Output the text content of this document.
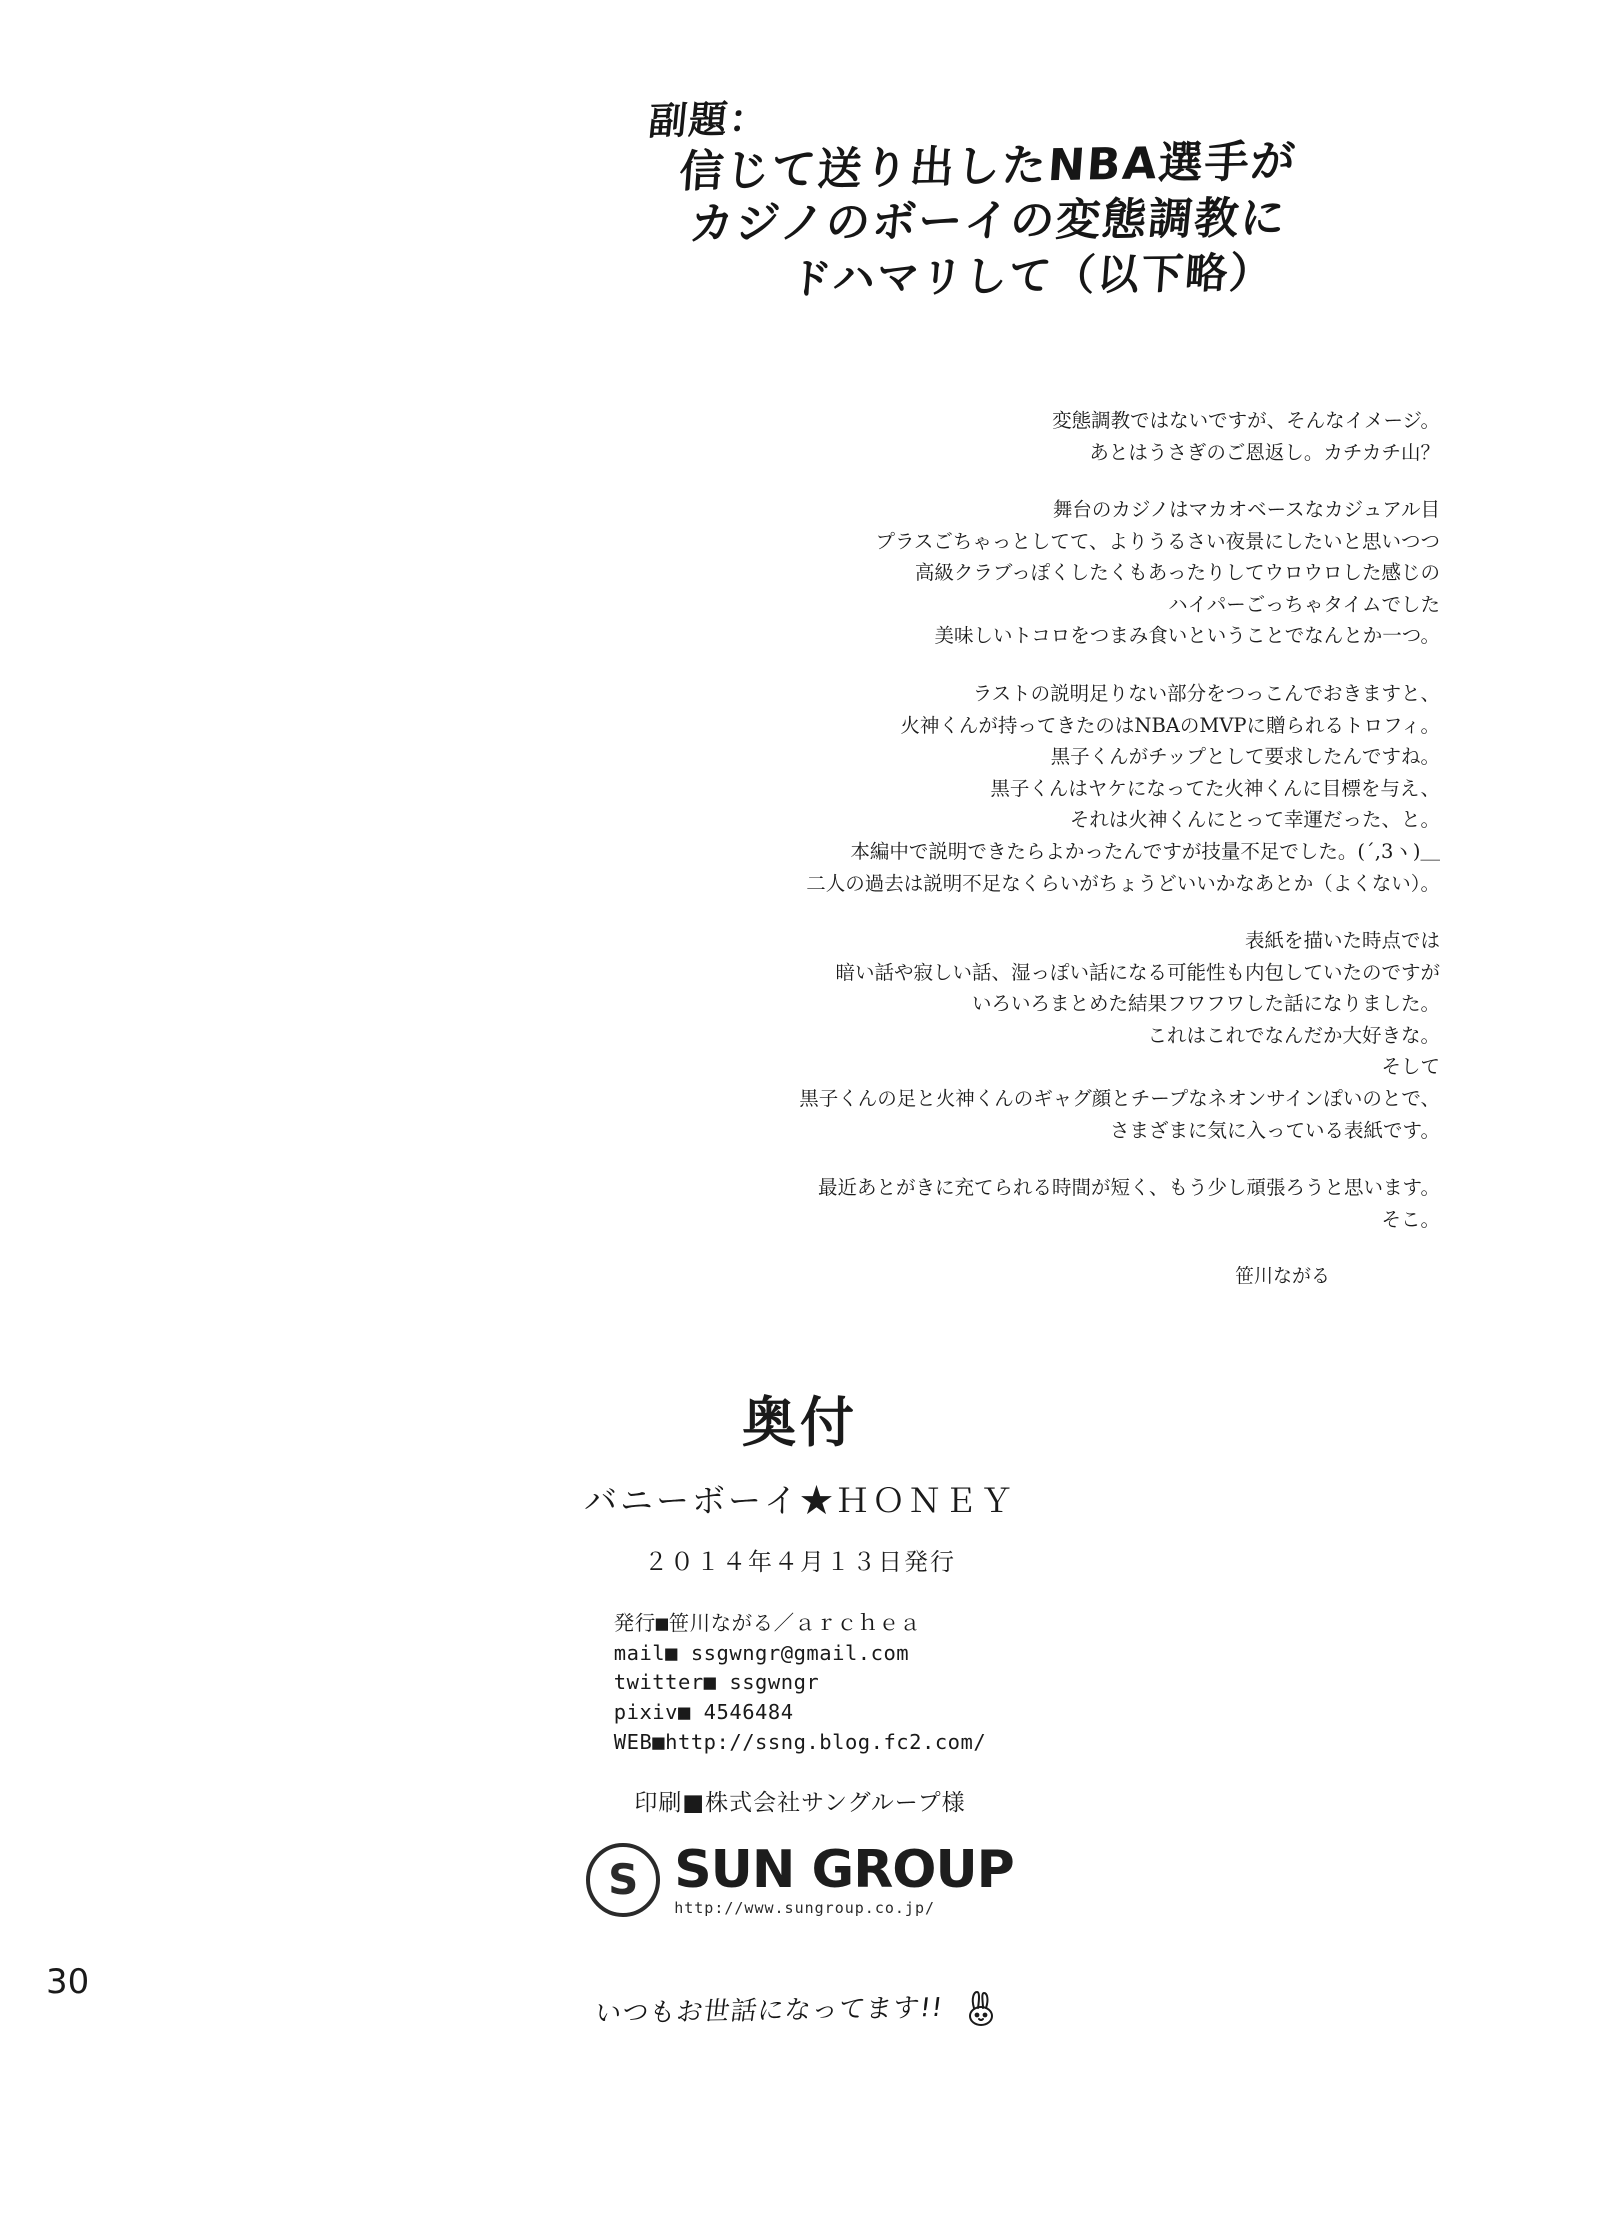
副題：
信じて送り出したNBA選手が
カジノのボーイの変態調教に
ドハマリして（以下略）

変態調教ではないですが、そんなイメージ。
あとはうさぎのご恩返し。カチカチ山？

舞台のカジノはマカオベースなカジュアル目
プラスごちゃっとしてて、よりうるさい夜景にしたいと思いつつ
高級クラブっぽくしたくもあったりしてウロウロした感じの
ハイパーごっちゃタイムでした
美味しいトコロをつまみ食いということでなんとか一つ。

ラストの説明足りない部分をつっこんでおきますと、
火神くんが持ってきたのはNBAのMVPに贈られるトロフィ。
黒子くんがチップとして要求したんですね。
黒子くんはヤケになってた火神くんに目標を与え、
それは火神くんにとって幸運だった、と。
本編中で説明できたらよかったんですが技量不足でした。(´,3ヽ)＿
二人の過去は説明不足なくらいがちょうどいいかなあとか（よくない）。

表紙を描いた時点では
暗い話や寂しい話、湿っぽい話になる可能性も内包していたのですが
いろいろまとめた結果フワフワした話になりました。
これはこれでなんだか大好きな。
そして
黒子くんの足と火神くんのギャグ顔とチープなネオンサインぽいのとで、
さまざまに気に入っている表紙です。

最近あとがきに充てられる時間が短く、もう少し頑張ろうと思います。
そこ。

笹川ながる

奥付
バニーボーイ★ＨＯＮＥＹ
２０１４年４月１３日発行
発行■笹川ながる／ａｒｃｈｅａ
mail■ ssgwngr@gmail.com
twitter■ ssgwngr
pixiv■ 4546484
WEB■http://ssng.blog.fc2.com/
印刷■株式会社サングループ様
S SUN GROUP
http://www.sungroup.co.jp/
いつもお世話になってます!!
30
